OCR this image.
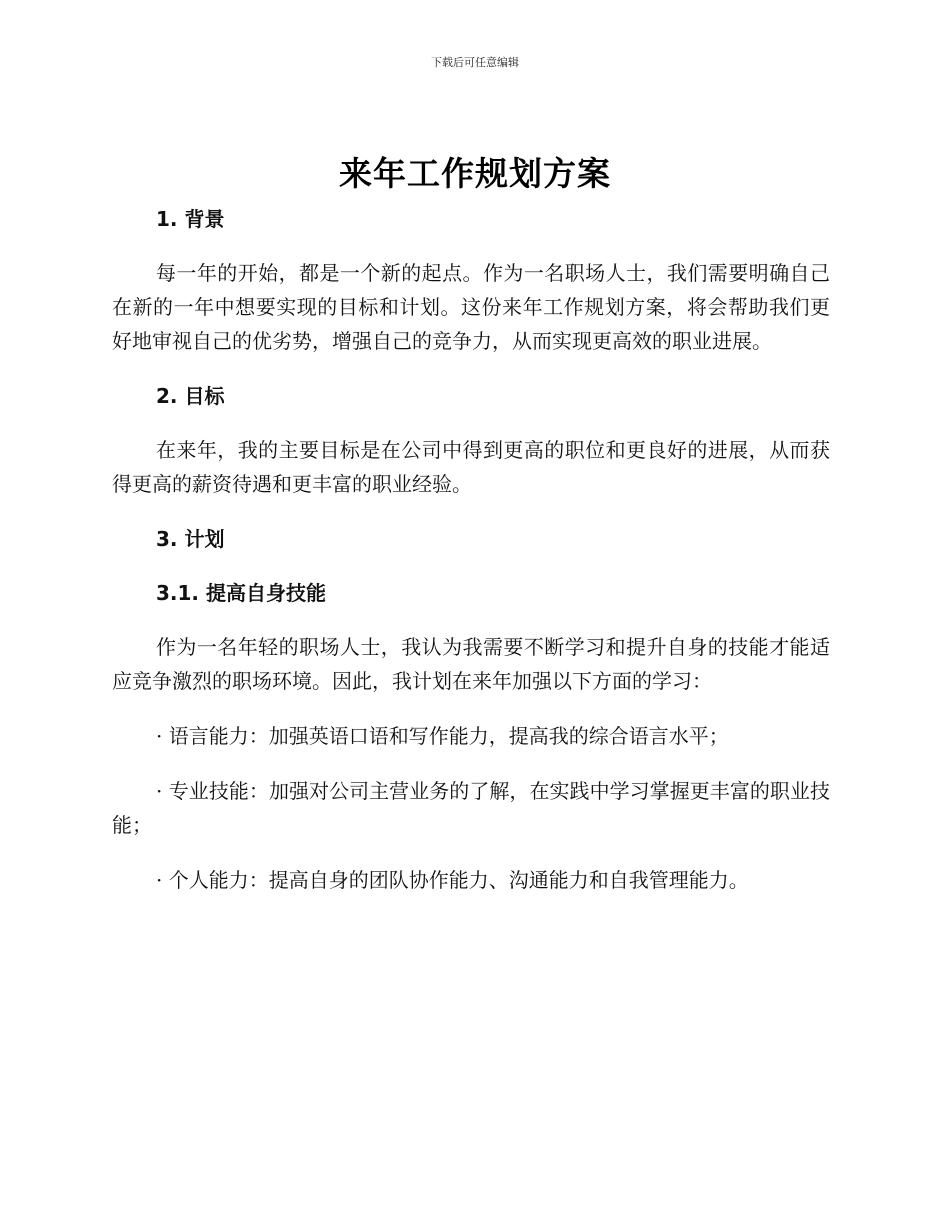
下载后可任意编辑
来年工作规划方案

1. 背景

每一年的开始，都是一个新的起点。作为一名职场人士，我们需要明确自己在新的一年中想要实现的目标和计划。这份来年工作规划方案，将会帮助我们更好地审视自己的优劣势，增强自己的竞争力，从而实现更高效的职业进展。

2. 目标

在来年，我的主要目标是在公司中得到更高的职位和更良好的进展，从而获得更高的薪资待遇和更丰富的职业经验。

3. 计划

3.1. 提高自身技能

作为一名年轻的职场人士，我认为我需要不断学习和提升自身的技能才能适应竞争激烈的职场环境。因此，我计划在来年加强以下方面的学习：

· 语言能力：加强英语口语和写作能力，提高我的综合语言水平；

· 专业技能：加强对公司主营业务的了解，在实践中学习掌握更丰富的职业技能；

· 个人能力：提高自身的团队协作能力、沟通能力和自我管理能力。
